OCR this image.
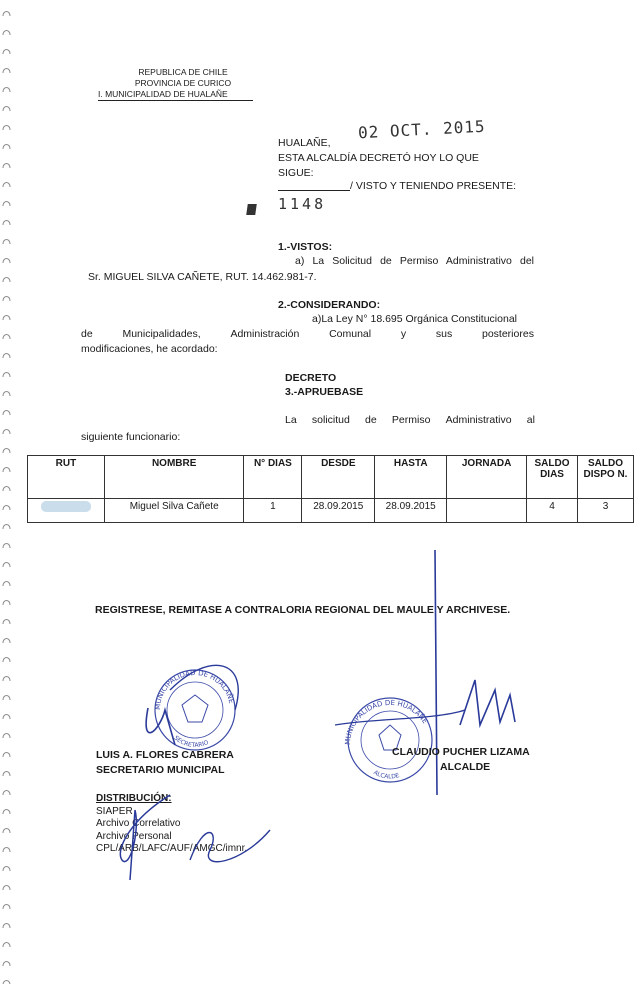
REPUBLICA DE CHILE
PROVINCIA DE CURICO
I. MUNICIPALIDAD DE HUALAÑE
HUALAÑE,
02 OCT. 2015
ESTA ALCALDÍA DECRETÓ HOY LO QUE
SIGUE:
/ VISTO Y TENIENDO PRESENTE:
1148
1.-VISTOS:
a) La Solicitud de Permiso Administrativo del
Sr. MIGUEL SILVA CAÑETE, RUT. 14.462.981-7.
2.-CONSIDERANDO:
a)La Ley N° 18.695 Orgánica Constitucional
de	Municipalidades,	Administración	Comunal	y	sus	posteriores
modificaciones, he acordado:
DECRETO
3.-APRUEBASE
La solicitud de Permiso Administrativo al
siguiente funcionario:
RUT	NOMBRE	N° DIAS	DESDE	HASTA	JORNADA	SALDO DIAS	SALDO DISPO N.
	Miguel Silva Cañete	1	28.09.2015	28.09.2015		4	3
REGISTRESE, REMITASE A CONTRALORIA REGIONAL DEL MAULE Y ARCHIVESE.
MUNICIPALIDAD DE HUALAÑE
SECRETARIO
LUIS A. FLORES CABRERA
SECRETARIO MUNICIPAL
MUNICIPALIDAD DE HUALAÑE
ALCALDE
CLAUDIO PUCHER LIZAMA
ALCALDE
DISTRIBUCIÓN:
SIAPER
Archivo Correlativo
Archivo Personal
CPL/ARB/LAFC/AUF/AMGC/imnr.
